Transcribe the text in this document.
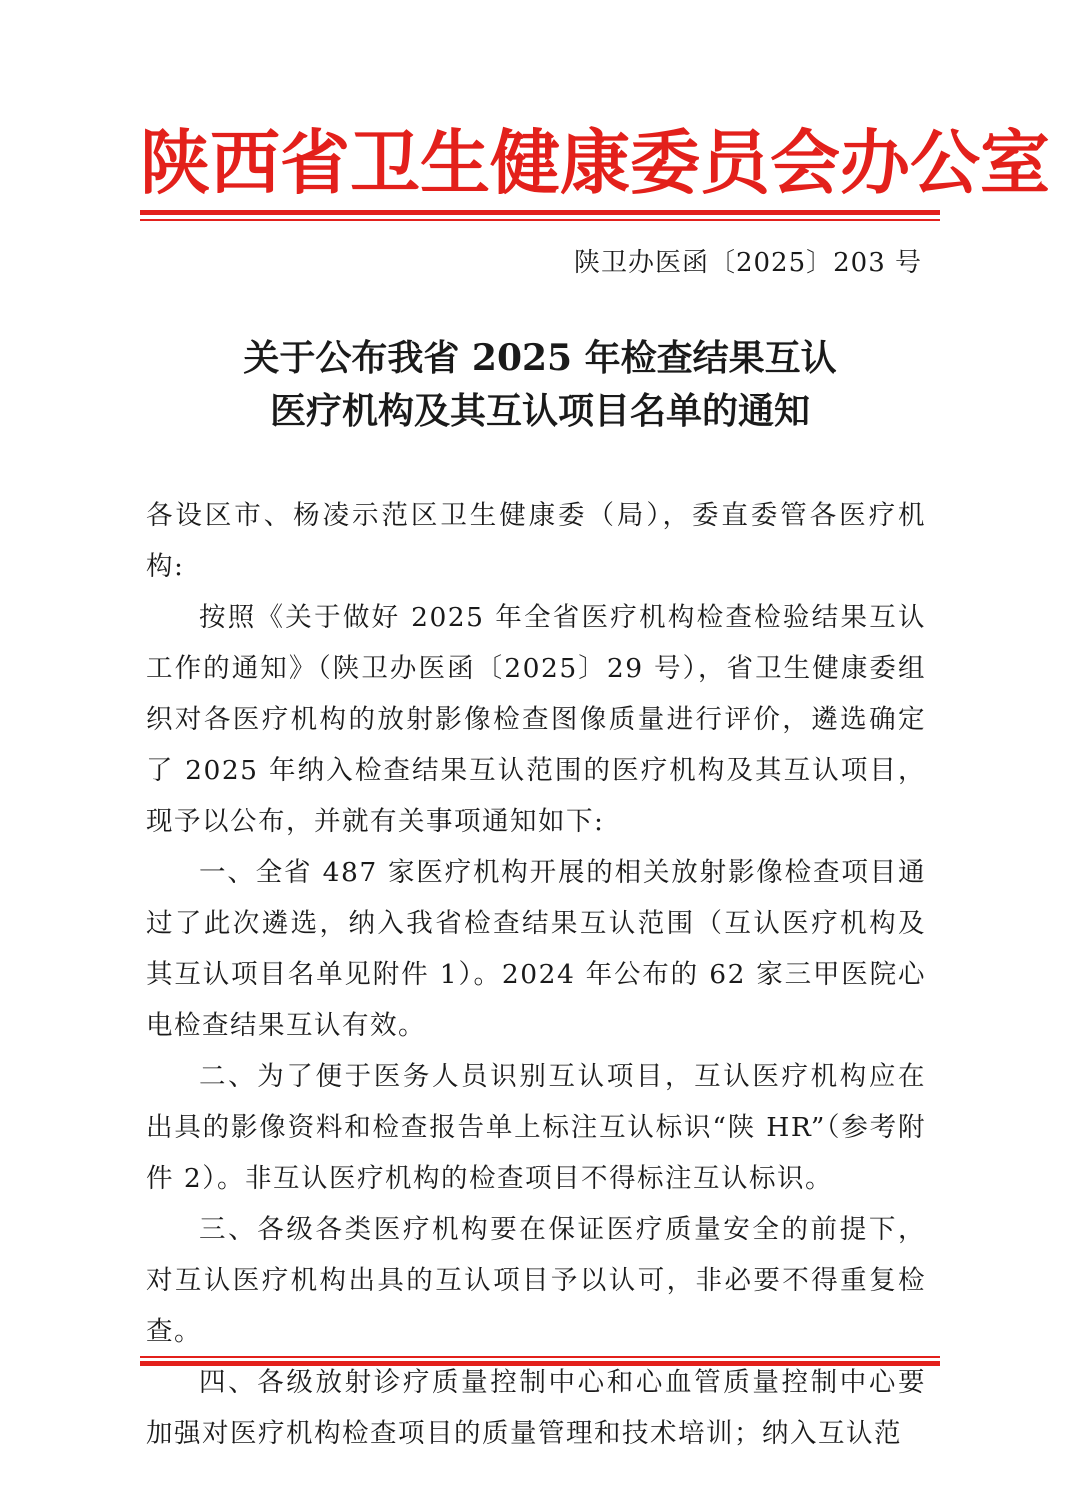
陕西省卫生健康委员会办公室
陕卫办医函〔2025〕203 号
关于公布我省 2025 年检查结果互认
医疗机构及其互认项目名单的通知

各设区市、杨凌示范区卫生健康委（局），委直委管各医疗机构:

按照《关于做好 2025 年全省医疗机构检查检验结果互认工作的通知》（陕卫办医函〔2025〕29 号），省卫生健康委组织对各医疗机构的放射影像检查图像质量进行评价，遴选确定了 2025 年纳入检查结果互认范围的医疗机构及其互认项目，现予以公布，并就有关事项通知如下:

一、全省 487 家医疗机构开展的相关放射影像检查项目通过了此次遴选，纳入我省检查结果互认范围（互认医疗机构及其互认项目名单见附件 1）。2024 年公布的 62 家三甲医院心电检查结果互认有效。

二、为了便于医务人员识别互认项目，互认医疗机构应在出具的影像资料和检查报告单上标注互认标识“陕 HR”（参考附件 2）。非互认医疗机构的检查项目不得标注互认标识。

三、各级各类医疗机构要在保证医疗质量安全的前提下，对互认医疗机构出具的互认项目予以认可，非必要不得重复检查。

四、各级放射诊疗质量控制中心和心血管质量控制中心要加强对医疗机构检查项目的质量管理和技术培训；纳入互认范
